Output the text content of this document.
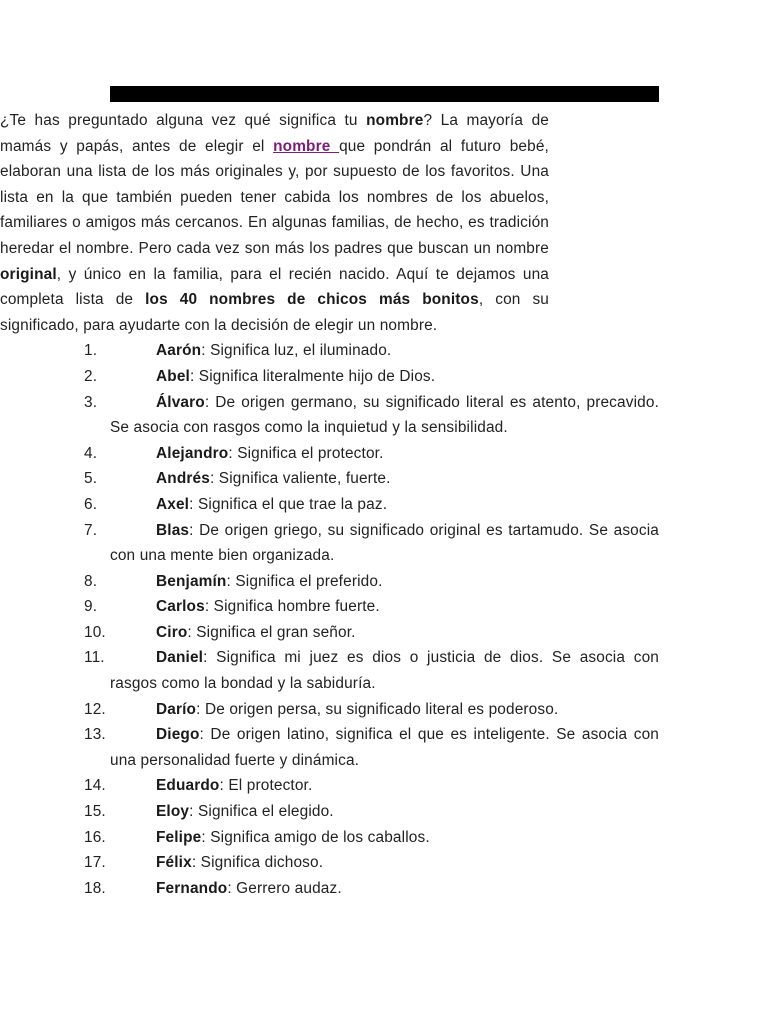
¿Te has preguntado alguna vez qué significa tu nombre? La mayoría de mamás y papás, antes de elegir el nombre que pondrán al futuro bebé, elaboran una lista de los más originales y, por supuesto de los favoritos. Una lista en la que también pueden tener cabida los nombres de los abuelos, familiares o amigos más cercanos. En algunas familias, de hecho, es tradición heredar el nombre. Pero cada vez son más los padres que buscan un nombre original, y único en la familia, para el recién nacido. Aquí te dejamos una completa lista de los 40 nombres de chicos más bonitos, con su significado, para ayudarte con la decisión de elegir un nombre.

1.	Aarón: Significa luz, el iluminado.
2.	Abel: Significa literalmente hijo de Dios.
3.	Álvaro: De origen germano, su significado literal es atento, precavido. Se asocia con rasgos como la inquietud y la sensibilidad.
4.	Alejandro: Significa el protector.
5.	Andrés: Significa valiente, fuerte.
6.	Axel: Significa el que trae la paz.
7.	Blas: De origen griego, su significado original es tartamudo. Se asocia con una mente bien organizada.
8.	Benjamín: Significa el preferido.
9.	Carlos: Significa hombre fuerte.
10.	Ciro: Significa el gran señor.
11.	Daniel: Significa mi juez es dios o justicia de dios. Se asocia con rasgos como la bondad y la sabiduría.
12.	Darío: De origen persa, su significado literal es poderoso.
13.	Diego: De origen latino, significa el que es inteligente. Se asocia con una personalidad fuerte y dinámica.
14.	Eduardo: El protector.
15.	Eloy: Significa el elegido.
16.	Felipe: Significa amigo de los caballos.
17.	Félix: Significa dichoso.
18.	Fernando: Gerrero audaz.
